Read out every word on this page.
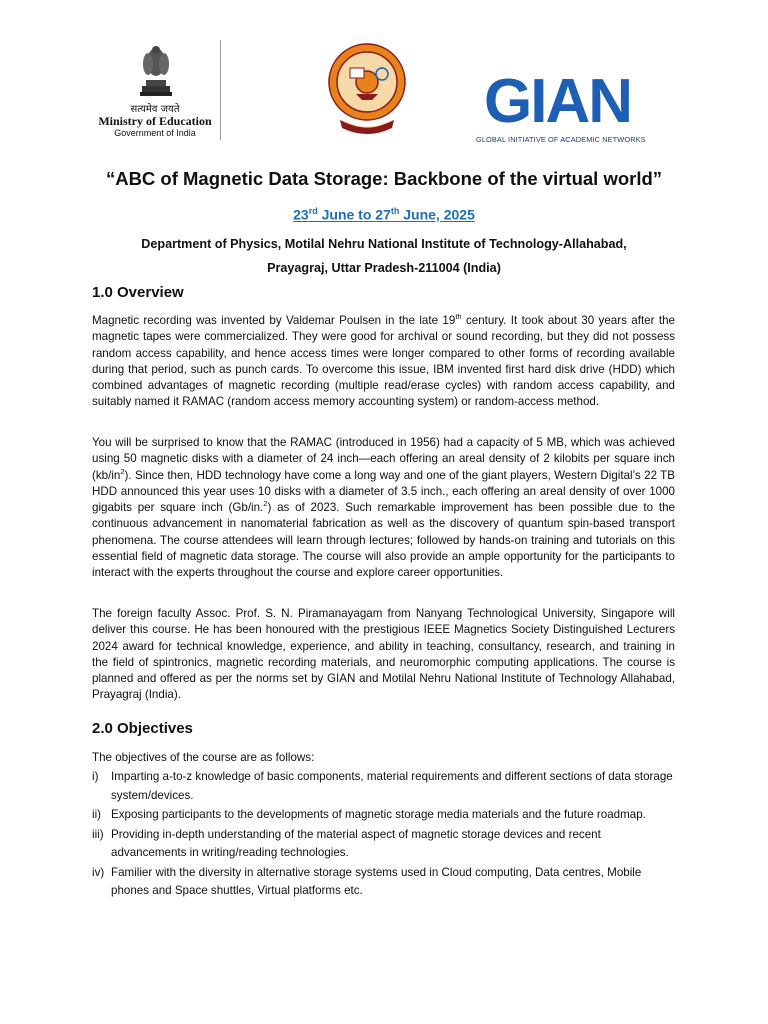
सत्यमेव जयते
Ministry of Education
Government of India	GIAN
GLOBAL INITIATIVE OF ACADEMIC NETWORKS
“ABC of Magnetic Data Storage: Backbone of the virtual world”
23rd June to 27th June, 2025
Department of Physics, Motilal Nehru National Institute of Technology-Allahabad,
Prayagraj, Uttar Pradesh-211004 (India)
1.0 Overview

Magnetic recording was invented by Valdemar Poulsen in the late 19th century. It took about 30 years after the magnetic tapes were commercialized. They were good for archival or sound recording, but they did not possess random access capability, and hence access times were longer compared to other forms of recording available during that period, such as punch cards. To overcome this issue, IBM invented first hard disk drive (HDD) which combined advantages of magnetic recording (multiple read/erase cycles) with random access capability, and suitably named it RAMAC (random access memory accounting system) or random-access method.

You will be surprised to know that the RAMAC (introduced in 1956) had a capacity of 5 MB, which was achieved using 50 magnetic disks with a diameter of 24 inch—each offering an areal density of 2 kilobits per square inch $(kb/in^2)$. Since then, HDD technology have come a long way and one of the giant players, Western Digital’s 22 TB HDD announced this year uses 10 disks with a diameter of 3.5 inch., each offering an areal density of over 1000 gigabits per square inch (Gb/in.$^2$) as of 2023. Such remarkable improvement has been possible due to the continuous advancement in nanomaterial fabrication as well as the discovery of quantum spin-based transport phenomena. The course attendees will learn through lectures; followed by hands-on training and tutorials on this essential field of magnetic data storage. The course will also provide an ample opportunity for the participants to interact with the experts throughout the course and explore career opportunities.

The foreign faculty Assoc. Prof. S. N. Piramanayagam from Nanyang Technological University, Singapore will deliver this course. He has been honoured with the prestigious IEEE Magnetics Society Distinguished Lecturers 2024 award for technical knowledge, experience, and ability in teaching, consultancy, research, and training in the field of spintronics, magnetic recording materials, and neuromorphic computing applications. The course is planned and offered as per the norms set by GIAN and Motilal Nehru National Institute of Technology Allahabad, Prayagraj (India).

2.0 Objectives
The objectives of the course are as follows:
i) Imparting a-to-z knowledge of basic components, material requirements and different sections of data storage system/devices.
ii) Exposing participants to the developments of magnetic storage media materials and the future roadmap.
iii) Providing in-depth understanding of the material aspect of magnetic storage devices and recent advancements in writing/reading technologies.
iv) Familier with the diversity in alternative storage systems used in Cloud computing, Data centres, Mobile phones and Space shuttles, Virtual platforms etc.
